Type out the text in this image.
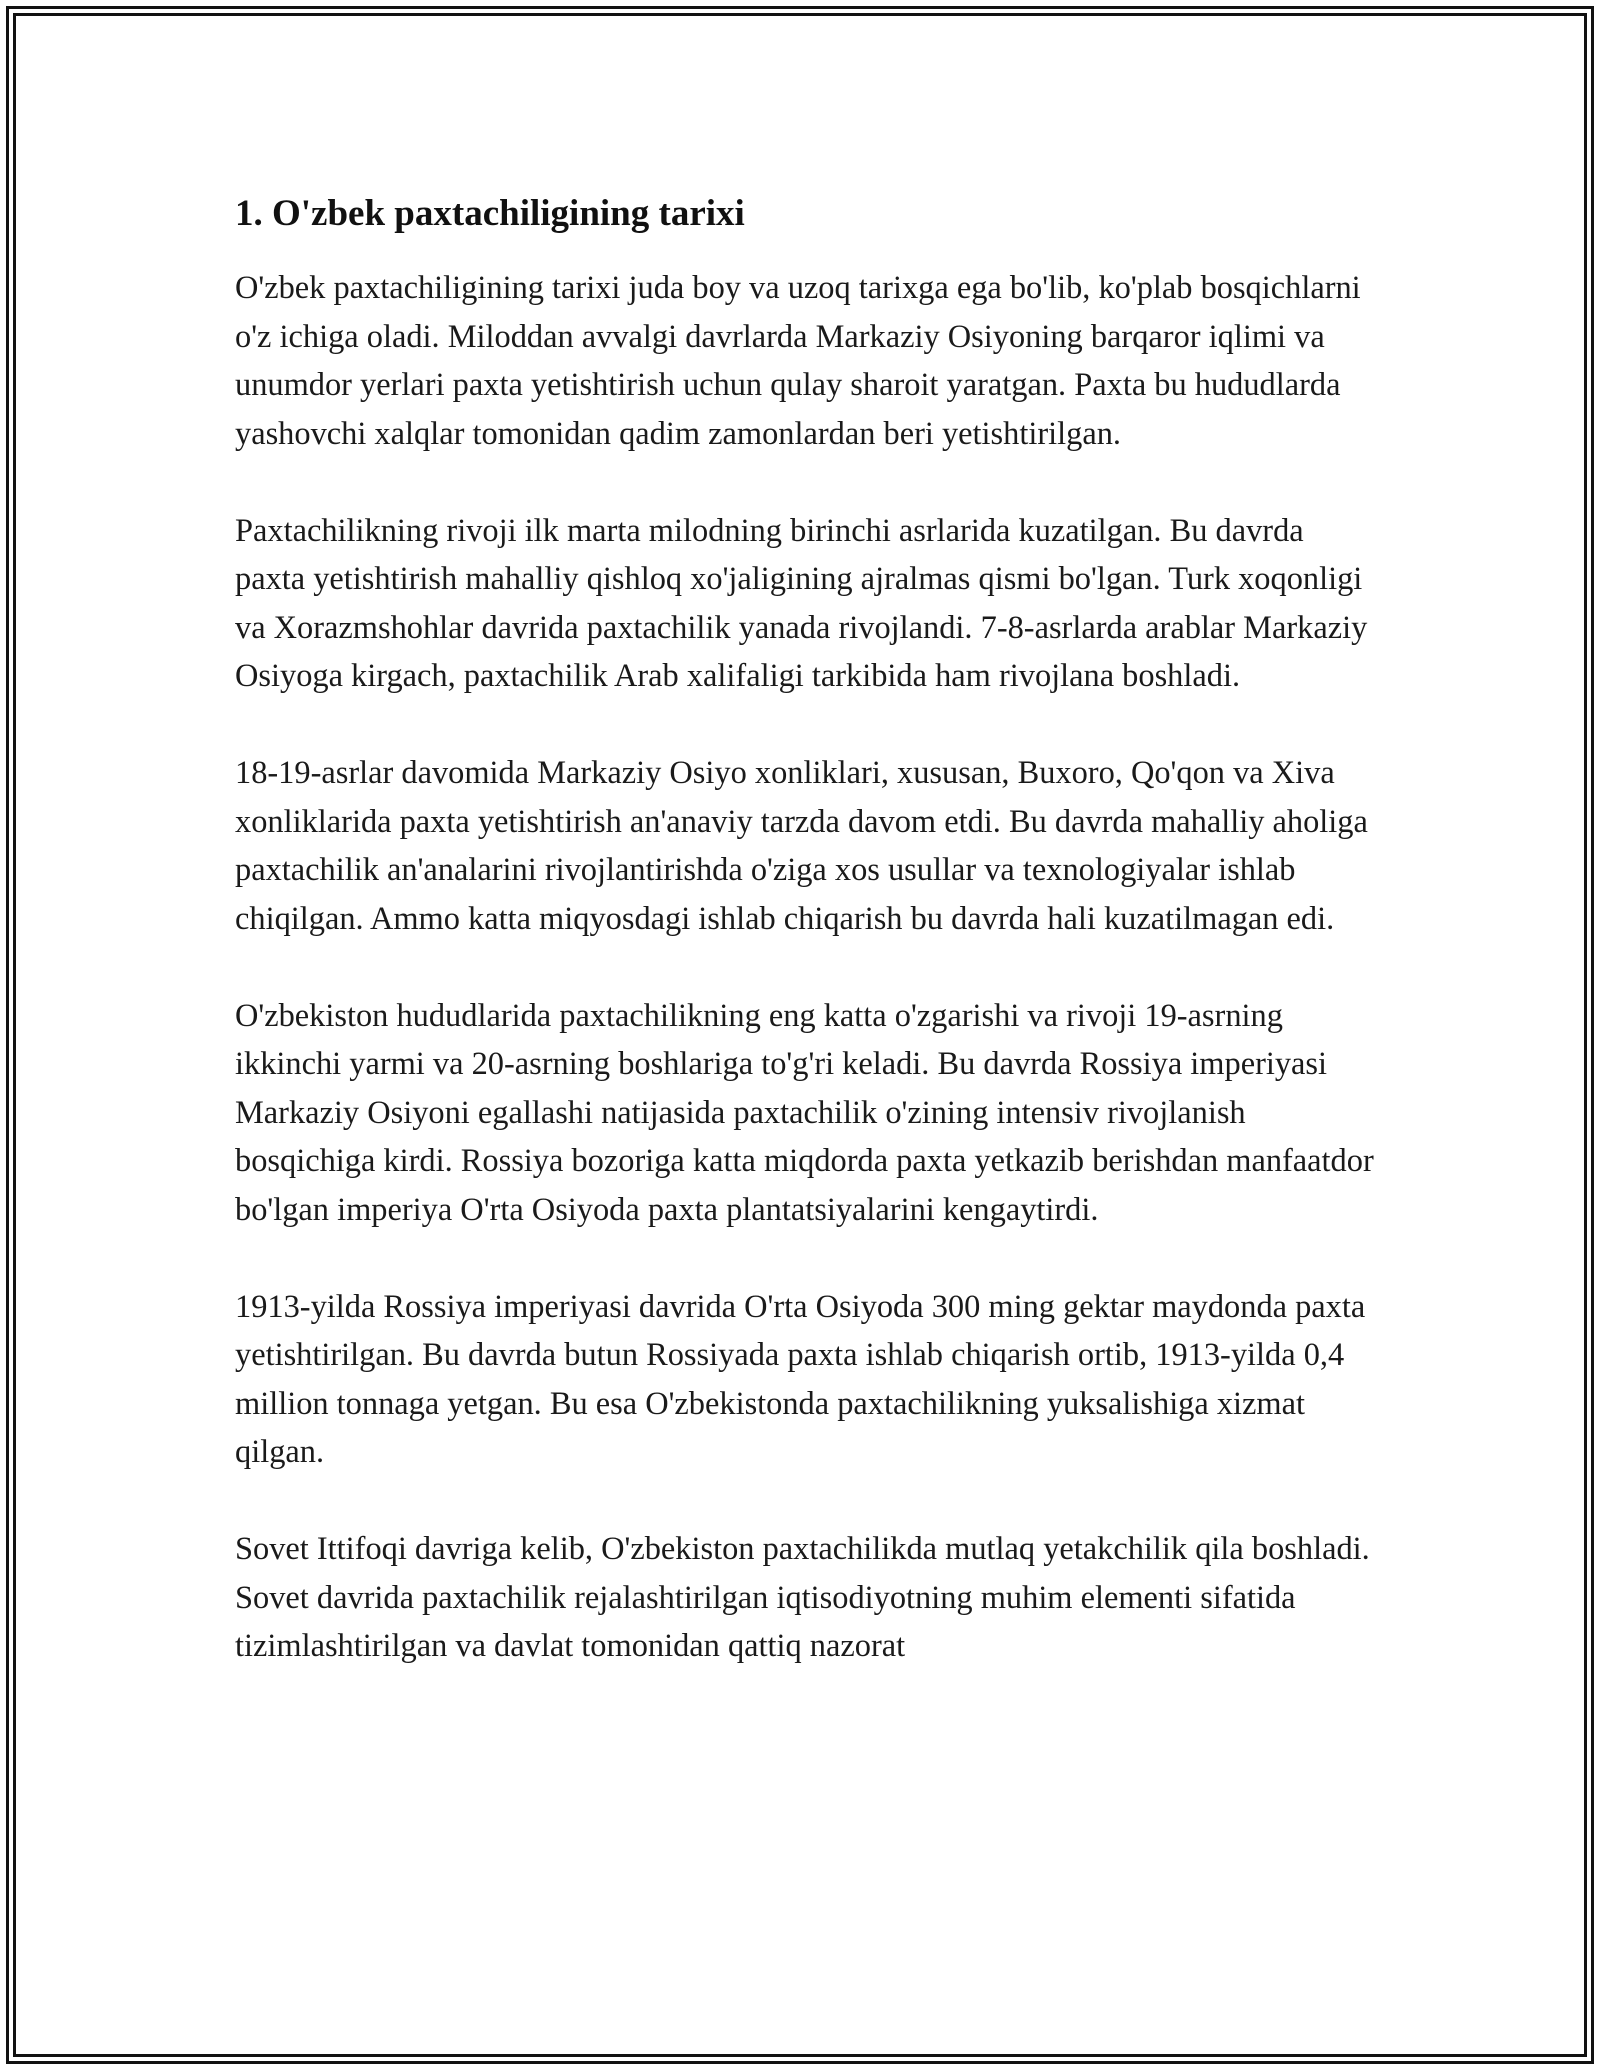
1. O'zbek paxtachiligining tarixi

O'zbek paxtachiligining tarixi juda boy va uzoq tarixga ega bo'lib, ko'plab bosqichlarni o'z ichiga oladi. Miloddan avvalgi davrlarda Markaziy Osiyoning barqaror iqlimi va unumdor yerlari paxta yetishtirish uchun qulay sharoit yaratgan. Paxta bu hududlarda yashovchi xalqlar tomonidan qadim zamonlardan beri yetishtirilgan.

Paxtachilikning rivoji ilk marta milodning birinchi asrlarida kuzatilgan. Bu davrda paxta yetishtirish mahalliy qishloq xo'jaligining ajralmas qismi bo'lgan. Turk xoqonligi va Xorazmshohlar davrida paxtachilik yanada rivojlandi. 7-8-asrlarda arablar Markaziy Osiyoga kirgach, paxtachilik Arab xalifaligi tarkibida ham rivojlana boshladi.

18-19-asrlar davomida Markaziy Osiyo xonliklari, xususan, Buxoro, Qo'qon va Xiva xonliklarida paxta yetishtirish an'anaviy tarzda davom etdi. Bu davrda mahalliy aholiga paxtachilik an'analarini rivojlantirishda o'ziga xos usullar va texnologiyalar ishlab chiqilgan. Ammo katta miqyosdagi ishlab chiqarish bu davrda hali kuzatilmagan edi.

O'zbekiston hududlarida paxtachilikning eng katta o'zgarishi va rivoji 19-asrning ikkinchi yarmi va 20-asrning boshlariga to'g'ri keladi. Bu davrda Rossiya imperiyasi Markaziy Osiyoni egallashi natijasida paxtachilik o'zining intensiv rivojlanish bosqichiga kirdi. Rossiya bozoriga katta miqdorda paxta yetkazib berishdan manfaatdor bo'lgan imperiya O'rta Osiyoda paxta plantatsiyalarini kengaytirdi.

1913-yilda Rossiya imperiyasi davrida O'rta Osiyoda 300 ming gektar maydonda paxta yetishtirilgan. Bu davrda butun Rossiyada paxta ishlab chiqarish ortib, 1913-yilda 0,4 million tonnaga yetgan. Bu esa O'zbekistonda paxtachilikning yuksalishiga xizmat qilgan.

Sovet Ittifoqi davriga kelib, O'zbekiston paxtachilikda mutlaq yetakchilik qila boshladi. Sovet davrida paxtachilik rejalashtirilgan iqtisodiyotning muhim elementi sifatida tizimlashtirilgan va davlat tomonidan qattiq nazorat
